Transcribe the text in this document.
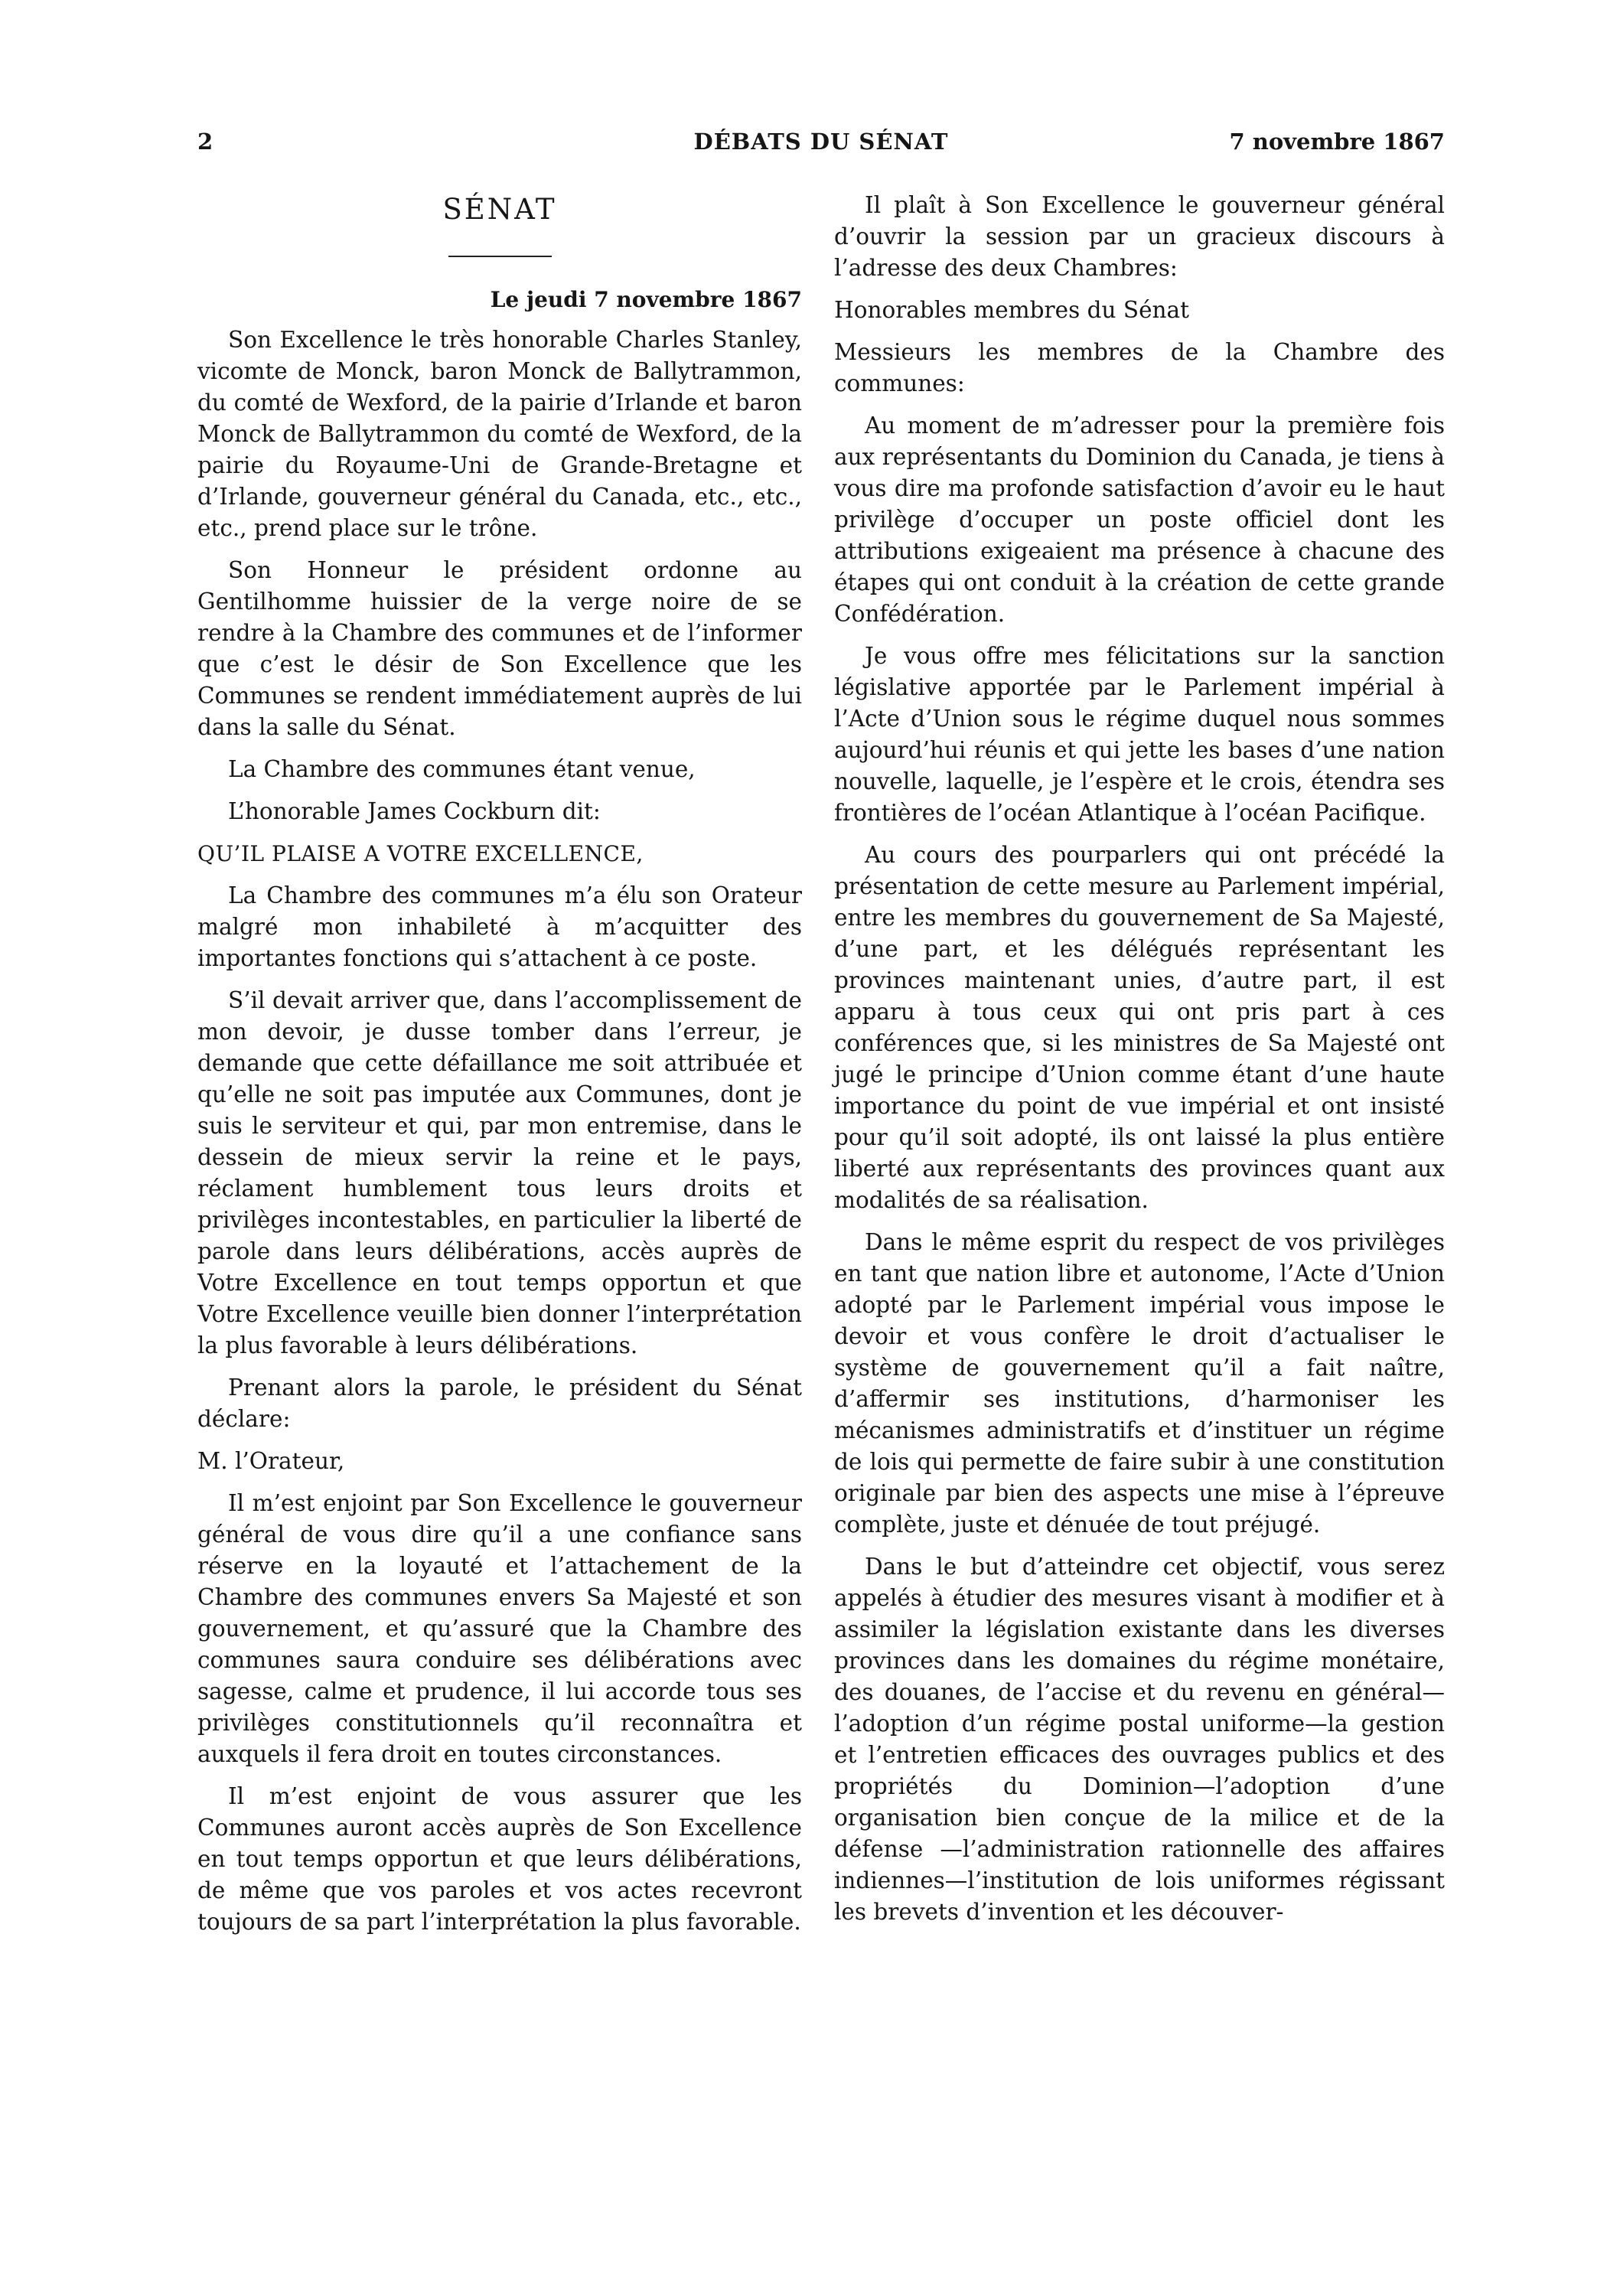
2	DÉBATS DU SÉNAT	7 novembre 1867
SÉNAT
Le jeudi 7 novembre 1867

Son Excellence le très honorable Charles Stanley, vicomte de Monck, baron Monck de Ballytrammon, du comté de Wexford, de la pairie d’Irlande et baron Monck de Ballytrammon du comté de Wexford, de la pairie du Royaume-Uni de Grande-Bretagne et d’Irlande, gouverneur général du Canada, etc., etc., etc., prend place sur le trône.

Son Honneur le président ordonne au Gentilhomme huissier de la verge noire de se rendre à la Chambre des communes et de l’informer que c’est le désir de Son Excellence que les Communes se rendent immédiatement auprès de lui dans la salle du Sénat.

La Chambre des communes étant venue,

L’honorable James Cockburn dit:

QU’IL PLAISE A VOTRE EXCELLENCE,

La Chambre des communes m’a élu son Orateur malgré mon inhabileté à m’acquitter des importantes fonctions qui s’attachent à ce poste.

S’il devait arriver que, dans l’accomplissement de mon devoir, je dusse tomber dans l’erreur, je demande que cette défaillance me soit attribuée et qu’elle ne soit pas imputée aux Communes, dont je suis le serviteur et qui, par mon entremise, dans le dessein de mieux servir la reine et le pays, réclament humblement tous leurs droits et privilèges incontestables, en particulier la liberté de parole dans leurs délibérations, accès auprès de Votre Excellence en tout temps opportun et que Votre Excellence veuille bien donner l’interprétation la plus favorable à leurs délibérations.

Prenant alors la parole, le président du Sénat déclare:

M. l’Orateur,

Il m’est enjoint par Son Excellence le gouverneur général de vous dire qu’il a une confiance sans réserve en la loyauté et l’attachement de la Chambre des communes envers Sa Majesté et son gouvernement, et qu’assuré que la Chambre des communes saura conduire ses délibérations avec sagesse, calme et prudence, il lui accorde tous ses privilèges constitutionnels qu’il reconnaîtra et auxquels il fera droit en toutes circonstances.

Il m’est enjoint de vous assurer que les Communes auront accès auprès de Son Excellence en tout temps opportun et que leurs délibérations, de même que vos paroles et vos actes recevront toujours de sa part l’interprétation la plus favorable.

Il plaît à Son Excellence le gouverneur général d’ouvrir la session par un gracieux discours à l’adresse des deux Chambres:

Honorables membres du Sénat

Messieurs les membres de la Chambre des communes:

Au moment de m’adresser pour la première fois aux représentants du Dominion du Canada, je tiens à vous dire ma profonde satisfaction d’avoir eu le haut privilège d’occuper un poste officiel dont les attributions exigeaient ma présence à chacune des étapes qui ont conduit à la création de cette grande Confédération.

Je vous offre mes félicitations sur la sanction législative apportée par le Parlement impérial à l’Acte d’Union sous le régime duquel nous sommes aujourd’hui réunis et qui jette les bases d’une nation nouvelle, laquelle, je l’espère et le crois, étendra ses frontières de l’océan Atlantique à l’océan Pacifique.

Au cours des pourparlers qui ont précédé la présentation de cette mesure au Parlement impérial, entre les membres du gouvernement de Sa Majesté, d’une part, et les délégués représentant les provinces maintenant unies, d’autre part, il est apparu à tous ceux qui ont pris part à ces conférences que, si les ministres de Sa Majesté ont jugé le principe d’Union comme étant d’une haute importance du point de vue impérial et ont insisté pour qu’il soit adopté, ils ont laissé la plus entière liberté aux représentants des provinces quant aux modalités de sa réalisation.

Dans le même esprit du respect de vos privilèges en tant que nation libre et autonome, l’Acte d’Union adopté par le Parlement impérial vous impose le devoir et vous confère le droit d’actualiser le système de gouvernement qu’il a fait naître, d’affermir ses institutions, d’harmoniser les mécanismes administratifs et d’instituer un régime de lois qui permette de faire subir à une constitution originale par bien des aspects une mise à l’épreuve complète, juste et dénuée de tout préjugé.

Dans le but d’atteindre cet objectif, vous serez appelés à étudier des mesures visant à modifier et à assimiler la législation existante dans les diverses provinces dans les domaines du régime monétaire, des douanes, de l’accise et du revenu en général—l’adoption d’un régime postal uniforme—la gestion et l’entretien efficaces des ouvrages publics et des propriétés du Dominion—l’adoption d’une organisation bien conçue de la milice et de la défense —l’administration rationnelle des affaires indiennes—l’institution de lois uniformes régissant les brevets d’invention et les découver-
